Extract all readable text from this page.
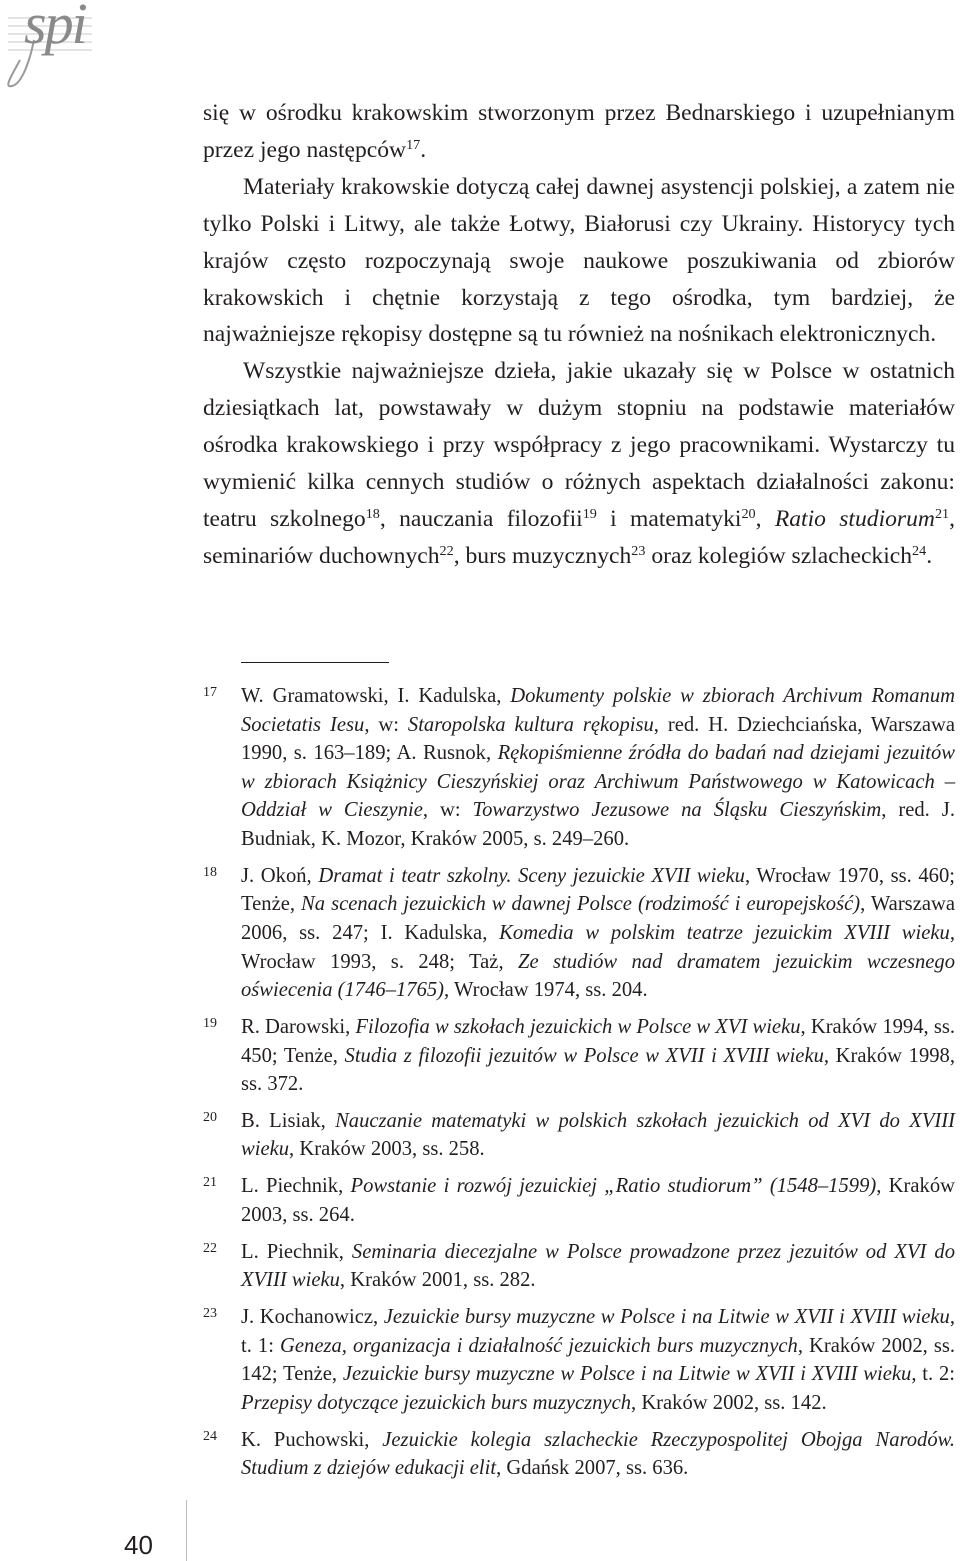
spi

się w ośrodku krakowskim stworzonym przez Bednarskiego i uzupełnianym przez jego następców$^{17}$.

Materiały krakowskie dotyczą całej dawnej asystencji polskiej, a zatem nie tylko Polski i Litwy, ale także Łotwy, Białorusi czy Ukrainy. Historycy tych krajów często rozpoczynają swoje naukowe poszukiwania od zbiorów krakowskich i chętnie korzystają z tego ośrodka, tym bardziej, że najważniejsze rękopisy dostępne są tu również na nośnikach elektronicznych.

Wszystkie najważniejsze dzieła, jakie ukazały się w Polsce w ostatnich dziesiątkach lat, powstawały w dużym stopniu na podstawie materiałów ośrodka krakowskiego i przy współpracy z jego pracownikami. Wystarczy tu wymienić kilka cennych studiów o różnych aspektach działalności zakonu: teatru szkolnego$^{18}$, nauczania filozofii$^{19}$ i matematyki$^{20}$, Ratio studiorum$^{21}$, seminariów duchownych$^{22}$, burs muzycznych$^{23}$ oraz kolegiów szlacheckich$^{24}$.

17	W. Gramatowski, I. Kadulska, Dokumenty polskie w zbiorach Archivum Romanum Societatis Iesu, w: Staropolska kultura rękopisu, red. H. Dziechciańska, Warszawa 1990, s. 163–189; A. Rusnok, Rękopiśmienne źródła do badań nad dziejami jezuitów w zbiorach Książnicy Cieszyńskiej oraz Archiwum Państwowego w Katowicach – Oddział w Cieszynie, w: Towarzystwo Jezusowe na Śląsku Cieszyńskim, red. J. Budniak, K. Mozor, Kraków 2005, s. 249–260.
18	J. Okoń, Dramat i teatr szkolny. Sceny jezuickie XVII wieku, Wrocław 1970, ss. 460; Tenże, Na scenach jezuickich w dawnej Polsce (rodzimość i europejskość), Warszawa 2006, ss. 247; I. Kadulska, Komedia w polskim teatrze jezuickim XVIII wieku, Wrocław 1993, s. 248; Taż, Ze studiów nad dramatem jezuickim wczesnego oświecenia (1746–1765), Wrocław 1974, ss. 204.
19	R. Darowski, Filozofia w szkołach jezuickich w Polsce w XVI wieku, Kraków 1994, ss. 450; Tenże, Studia z filozofii jezuitów w Polsce w XVII i XVIII wieku, Kraków 1998, ss. 372.
20	B. Lisiak, Nauczanie matematyki w polskich szkołach jezuickich od XVI do XVIII wieku, Kraków 2003, ss. 258.
21	L. Piechnik, Powstanie i rozwój jezuickiej „Ratio studiorum” (1548–1599), Kraków 2003, ss. 264.
22	L. Piechnik, Seminaria diecezjalne w Polsce prowadzone przez jezuitów od XVI do XVIII wieku, Kraków 2001, ss. 282.
23	J. Kochanowicz, Jezuickie bursy muzyczne w Polsce i na Litwie w XVII i XVIII wieku, t. 1: Geneza, organizacja i działalność jezuickich burs muzycznych, Kraków 2002, ss. 142; Tenże, Jezuickie bursy muzyczne w Polsce i na Litwie w XVII i XVIII wieku, t. 2: Przepisy dotyczące jezuickich burs muzycznych, Kraków 2002, ss. 142.
24	K. Puchowski, Jezuickie kolegia szlacheckie Rzeczypospolitej Obojga Narodów. Studium z dziejów edukacji elit, Gdańsk 2007, ss. 636.
40
